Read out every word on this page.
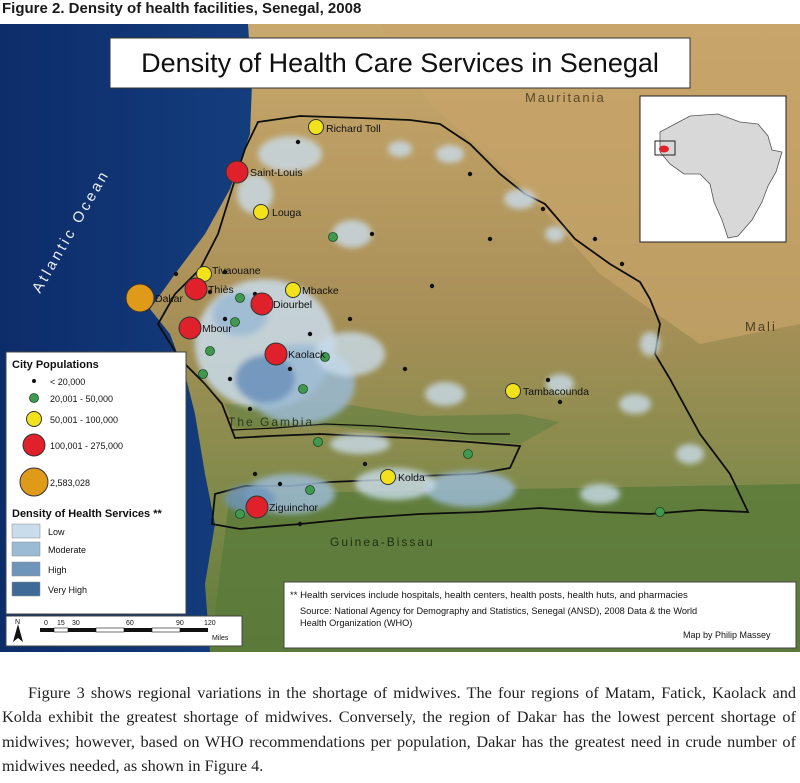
Figure 2. Density of health facilities, Senegal, 2008
Density of Health Care Services in Senegal
Atlantic Ocean
Mauritania
Mali
The Gambia
Guinea-Bissau
Richard Toll
Saint-Louis
Louga
Tivaouane
Thiès
Dakar
Mbacke
Diourbel
Mbour
Kaolack
Tambacounda
Kolda
Ziguinchor
City Populations
< 20,000
20,001 - 50,000
50,001 - 100,000
100,001 - 275,000
2,583,028
Density of Health Services **
Low
Moderate
High
Very High
N	0 15 30	60	90	120
Miles
** Health services include hospitals, health centers, health posts, health huts, and pharmacies
Source: National Agency for Demography and Statistics, Senegal (ANSD), 2008 Data & the World
Health Organization (WHO)
Map by Philip Massey
Figure 3 shows regional variations in the shortage of midwives. The four regions of Matam, Fatick, Kaolack and Kolda exhibit the greatest shortage of midwives. Conversely, the region of Dakar has the lowest percent shortage of midwives; however, based on WHO recommendations per population, Dakar has the greatest need in crude number of midwives needed, as shown in Figure 4.
